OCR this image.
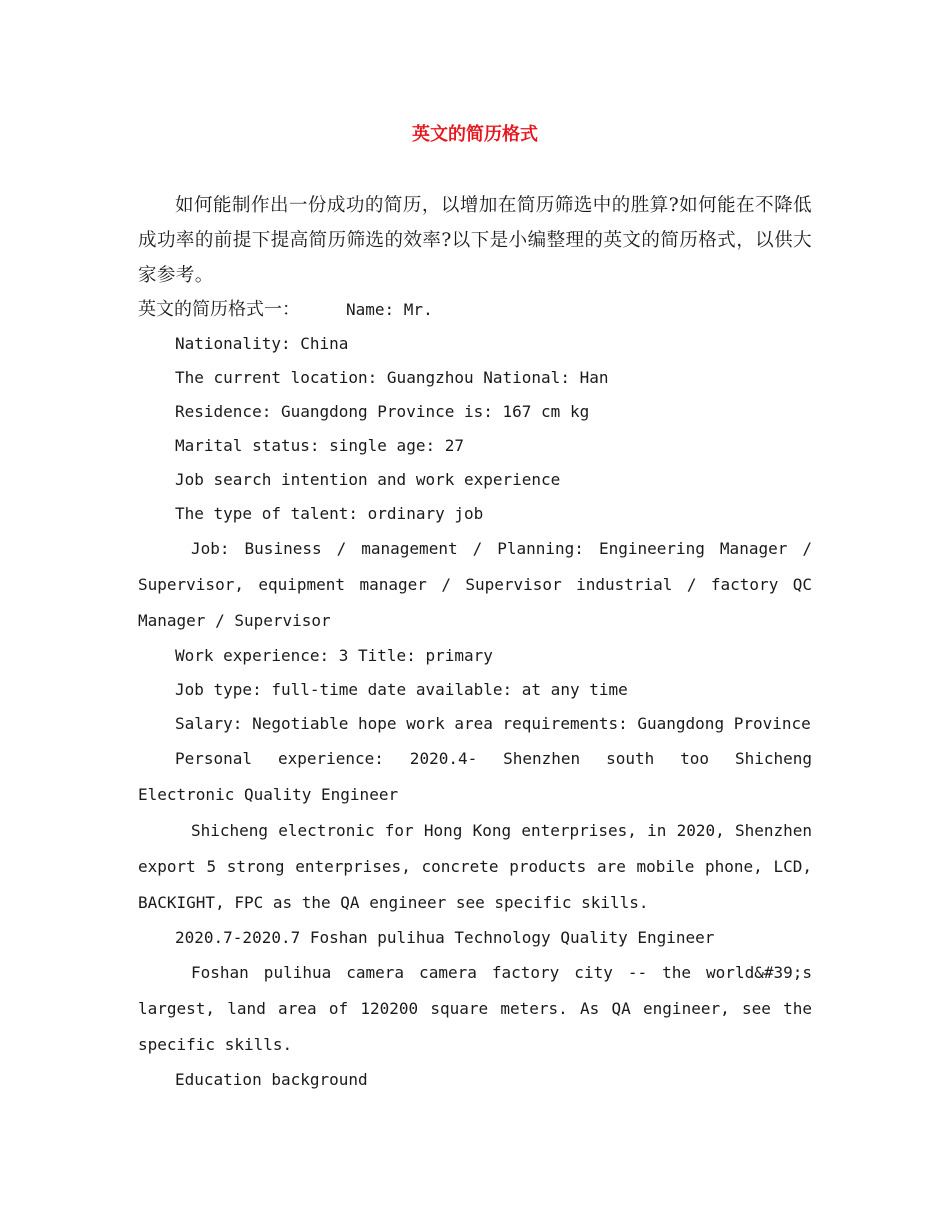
英文的简历格式

如何能制作出一份成功的简历，以增加在简历筛选中的胜算?如何能在不降低成功率的前提下提高简历筛选的效率?以下是小编整理的英文的简历格式，以供大家参考。

英文的简历格式一：	Name: Mr.

Nationality: China

The current location: Guangzhou National: Han

Residence: Guangdong Province is: 167 cm kg

Marital status: single age: 27

Job search intention and work experience

The type of talent: ordinary job

Job: Business / management / Planning: Engineering Manager / Supervisor, equipment manager / Supervisor industrial / factory QC Manager / Supervisor

Work experience: 3 Title: primary

Job type: full-time date available: at any time

Salary: Negotiable hope work area requirements: Guangdong Province

Personal experience: 2020.4- Shenzhen south too Shicheng Electronic Quality Engineer

Shicheng electronic for Hong Kong enterprises, in 2020, Shenzhen export 5 strong enterprises, concrete products are mobile phone, LCD, BACKIGHT, FPC as the QA engineer see specific skills.

2020.7-2020.7 Foshan pulihua Technology Quality Engineer

Foshan pulihua camera camera factory city -- the world&#39;s largest, land area of 120200 square meters. As QA engineer, see the specific skills.

Education background
